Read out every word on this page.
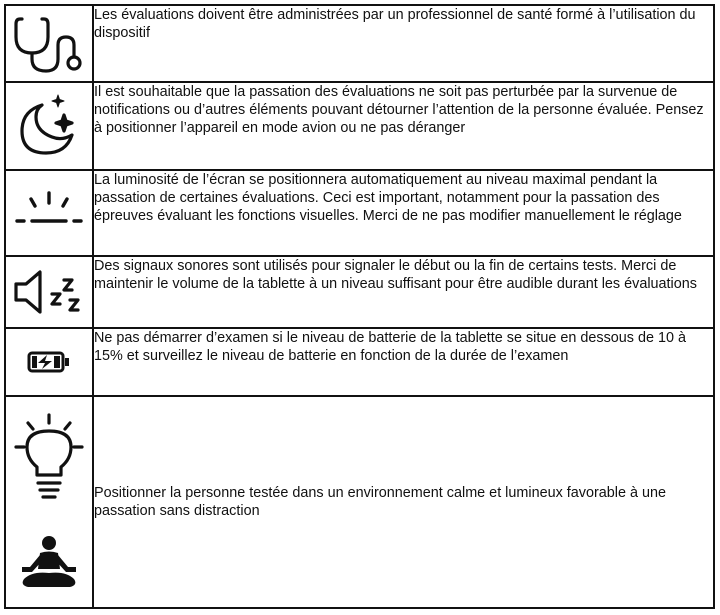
	Les évaluations doivent être administrées par un professionnel de santé formé à l’utilisation du dispositif

	Il est souhaitable que la passation des évaluations ne soit pas perturbée par la survenue de notifications ou d’autres éléments pouvant détourner l’attention de la personne évaluée. Pensez à positionner l’appareil en mode avion ou ne pas déranger

	La luminosité de l’écran se positionnera automatiquement au niveau maximal pendant la passation de certaines évaluations. Ceci est important, notamment pour la passation des épreuves évaluant les fonctions visuelles. Merci de ne pas modifier manuellement le réglage

	Des signaux sonores sont utilisés pour signaler le début ou la fin de certains tests. Merci de maintenir le volume de la tablette à un niveau suffisant pour être audible durant les évaluations

	Ne pas démarrer d’examen si le niveau de batterie de la tablette se situe en dessous de 10 à 15% et surveillez le niveau de batterie en fonction de la durée de l’examen

	Positionner la personne testée dans un environnement calme et lumineux favorable à une passation sans distraction
